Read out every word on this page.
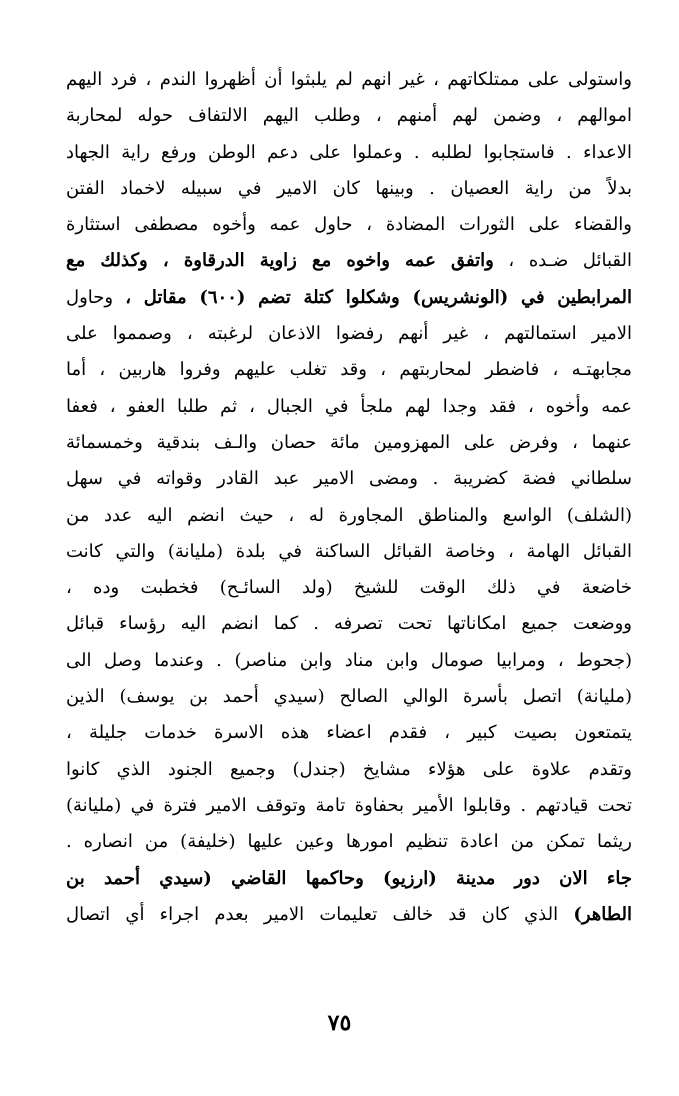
واستولى على ممتلكاتهم ، غير انهم لم يلبثوا أن أظهروا الندم ، فرد اليهم
اموالهم ، وضمن لهم أمنهم ، وطلب اليهم الالتفاف حوله لمحاربة
الاعداء . فاستجابوا لطلبه . وعملوا على دعم الوطن ورفع راية الجهاد
بدلاً من راية العصيان . وبينها كان الامير في سبيله لاخماد الفتن
والقضاء على الثورات المضادة ، حاول عمه وأخوه مصطفى استثارة
القبائل ضـده ، واتفق عمه واخوه مع زاوية الدرقاوة ، وكذلك مع
المرابطين في (الونشريس) وشكلوا كتلة تضم (٦٠٠) مقاتل ، وحاول
الامير استمالتهم ، غير أنهم رفضوا الاذعان لرغبته ، وصمموا على
مجابهتـه ، فاضطر لمحاربتهم ، وقد تغلب عليهم وفروا هاربين ، أما
عمه وأخوه ، فقد وجدا لهم ملجأ في الجبال ، ثم طلبا العفو ، فعفا
عنهما ، وفرض على المهزومين مائة حصان والـف بندقية وخمسمائة
سلطاني فضة كضريبة . ومضى الامير عبد القادر وقواته في سهل
(الشلف) الواسع والمناطق المجاورة له ، حيث انضم اليه عدد من
القبائل الهامة ، وخاصة القبائل الساكنة في بلدة (مليانة) والتي كانت
خاضعة في ذلك الوقت للشيخ (ولد السائـح) فخطبت وده ،
ووضعت جميع امكاناتها تحت تصرفه . كما انضم اليه رؤساء قبائل
(جحوط ، ومرابيا صومال وابن مناد وابن مناصر) . وعندما وصل الى
(مليانة) اتصل بأسرة الوالي الصالح (سيدي أحمد بن يوسف) الذين
يتمتعون بصيت كبير ، فقدم اعضاء هذه الاسرة خدمات جليلة ،
وتقدم علاوة على هؤلاء مشايخ (جندل) وجميع الجنود الذي كانوا
تحت قيادتهم . وقابلوا الأمير بحفاوة تامة وتوقف الامير فترة في (مليانة)
ريثما تمكن من اعادة تنظيم امورها وعين عليها (خليفة) من انصاره .
جاء الان دور مدينة (ارزيو) وحاكمها القاضي (سيدي أحمد بن
الطاهر) الذي كان قد خالف تعليمات الامير بعدم اجراء أي اتصال
٧٥
